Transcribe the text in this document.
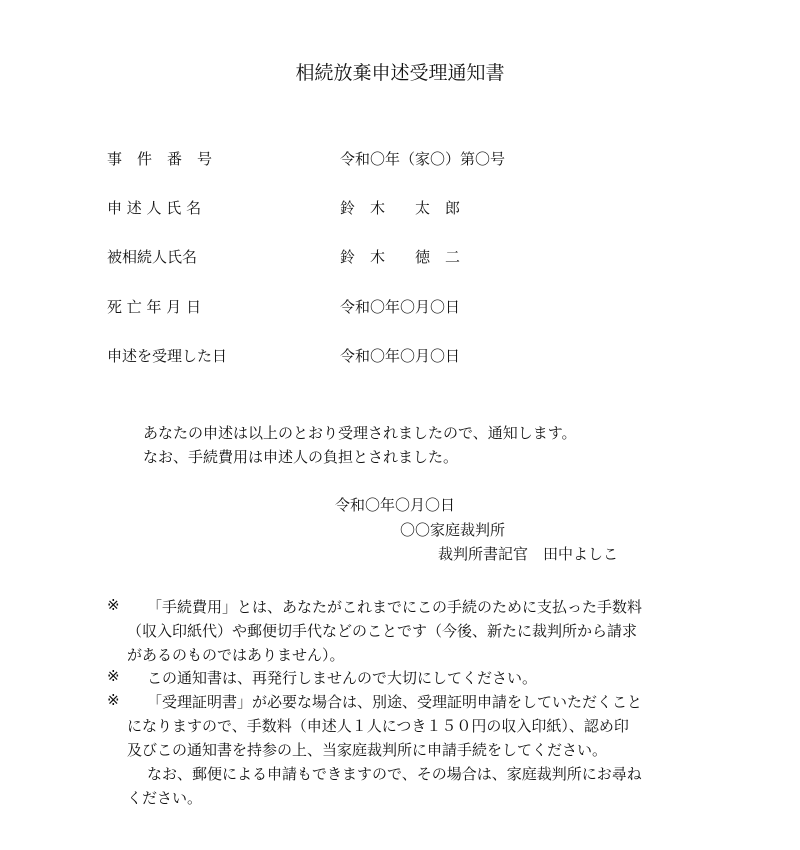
相続放棄申述受理通知書
事　件　番　号	令和〇年（家〇）第〇号
申 述 人 氏 名	鈴　木　　太　郎
被相続人氏名	鈴　木　　徳　二
死 亡 年 月 日	令和〇年〇月〇日
申述を受理した日	令和〇年〇月〇日
あなたの申述は以上のとおり受理されましたので、通知します。
なお、手続費用は申述人の負担とされました。
令和〇年〇月〇日
〇〇家庭裁判所
裁判所書記官　田中よしこ
※ 「手続費用」とは、あなたがこれまでにこの手続のために支払った手数料
（収入印紙代）や郵便切手代などのことです（今後、新たに裁判所から請求
があるのものではありません）。
※ この通知書は、再発行しませんので大切にしてください。
※ 「受理証明書」が必要な場合は、別途、受理証明申請をしていただくこと
になりますので、手数料（申述人１人につき１５０円の収入印紙）、認め印
及びこの通知書を持参の上、当家庭裁判所に申請手続をしてください。
なお、郵便による申請もできますので、その場合は、家庭裁判所にお尋ね
ください。
